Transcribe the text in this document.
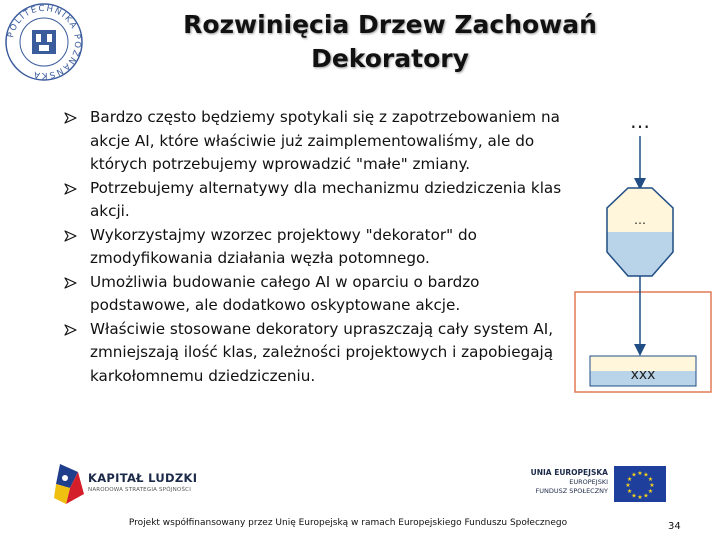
POLITECHNIKA POZNAŃSKA
Rozwinięcia Drzew Zachowań
Dekoratory
Bardzo często będziemy spotykali się z zapotrzebowaniem na akcje AI, które właściwie już zaimplementowaliśmy, ale do których potrzebujemy wprowadzić "małe" zmiany.
Potrzebujemy alternatywy dla mechanizmu dziedziczenia klas akcji.
Wykorzystajmy wzorzec projektowy "dekorator" do zmodyfikowania działania węzła potomnego.
Umożliwia budowanie całego AI w oparciu o bardzo podstawowe, ale dodatkowo oskyptowane akcje.
Właściwie stosowane dekoratory upraszczają cały system AI, zmniejszają ilość klas, zależności projektowych i zapobiegają karkołomnemu dziedziczeniu.
…
…
xxx
KAPITAŁ LUDZKI
NARODOWA STRATEGIA SPÓJNOŚCI
UNIA EUROPEJSKA
EUROPEJSKI
FUNDUSZ SPOŁECZNY
★ ★
★
★
★
★
★
★
★
★
★
★
Projekt współfinansowany przez Unię Europejską w ramach Europejskiego Funduszu Społecznego	34
